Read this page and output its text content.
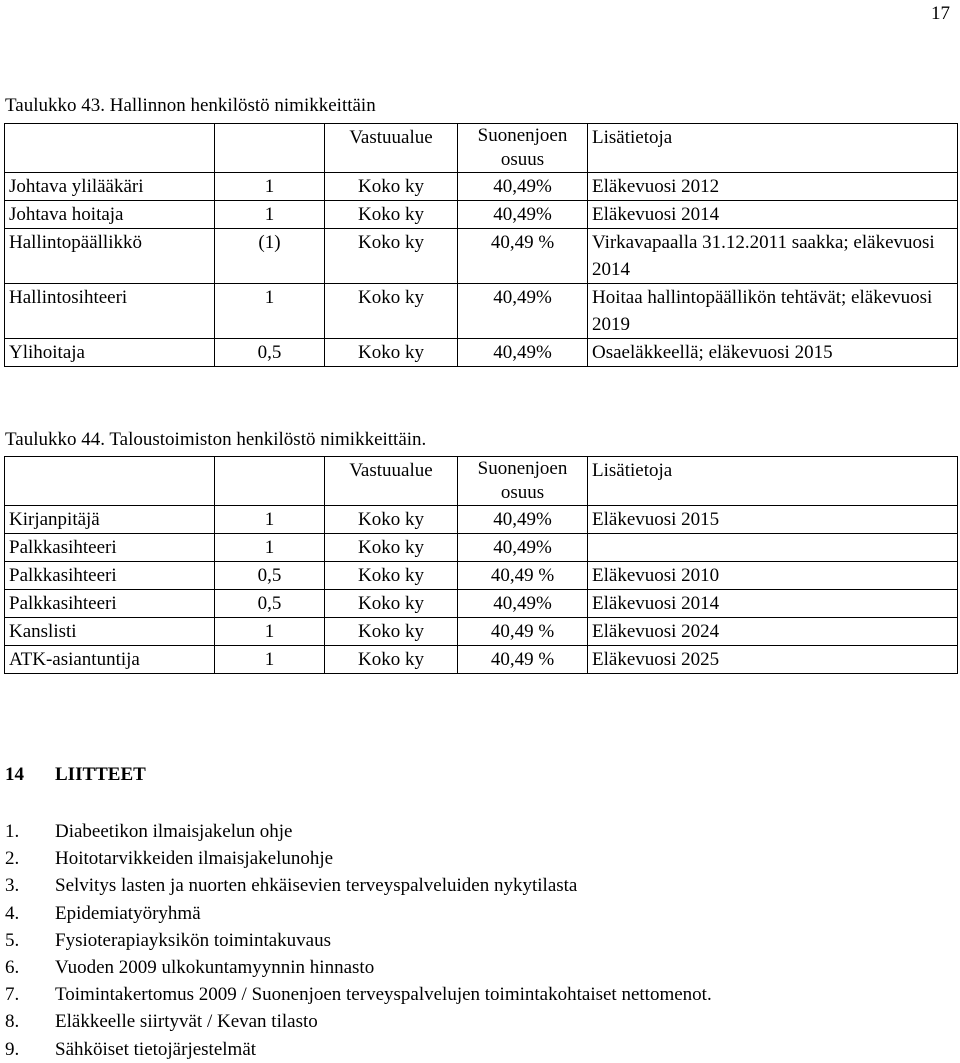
17
Taulukko 43. Hallinnon henkilöstö nimikkeittäin
		Vastuualue	Suonenjoen osuus	Lisätietoja
Johtava ylilääkäri	1	Koko ky	40,49%	Eläkevuosi 2012
Johtava hoitaja	1	Koko ky	40,49%	Eläkevuosi 2014
Hallintopäällikkö	(1)	Koko ky	40,49 %	Virkavapaalla 31.12.2011 saakka; eläkevuosi 2014
Hallintosihteeri	1	Koko ky	40,49%	Hoitaa hallintopäällikön tehtävät; eläkevuosi 2019
Ylihoitaja	0,5	Koko ky	40,49%	Osaeläkkeellä; eläkevuosi 2015
Taulukko 44. Taloustoimiston henkilöstö nimikkeittäin.
		Vastuualue	Suonenjoen osuus	Lisätietoja
Kirjanpitäjä	1	Koko ky	40,49%	Eläkevuosi 2015
Palkkasihteeri	1	Koko ky	40,49%	
Palkkasihteeri	0,5	Koko ky	40,49 %	Eläkevuosi 2010
Palkkasihteeri	0,5	Koko ky	40,49%	Eläkevuosi 2014
Kanslisti	1	Koko ky	40,49 %	Eläkevuosi 2024
ATK-asiantuntija	1	Koko ky	40,49 %	Eläkevuosi 2025
14 LIITTEET
1. Diabeetikon ilmaisjakelun ohje
2. Hoitotarvikkeiden ilmaisjakelunohje
3. Selvitys lasten ja nuorten ehkäisevien terveyspalveluiden nykytilasta
4. Epidemiatyöryhmä
5. Fysioterapiayksikön toimintakuvaus
6. Vuoden 2009 ulkokuntamyynnin hinnasto
7. Toimintakertomus 2009 / Suonenjoen terveyspalvelujen toimintakohtaiset nettomenot.
8. Eläkkeelle siirtyvät / Kevan tilasto
9. Sähköiset tietojärjestelmät
